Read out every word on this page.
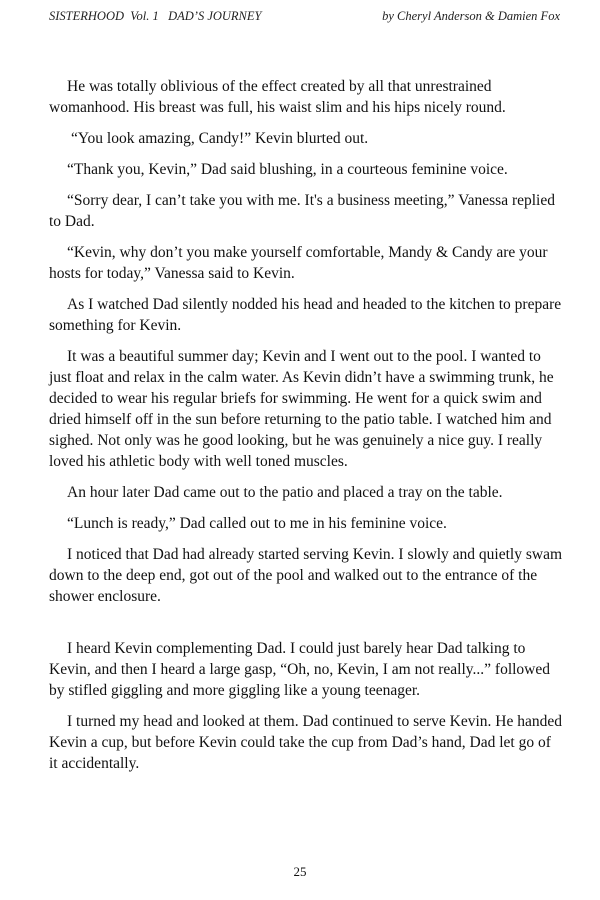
SISTERHOOD  Vol. 1   DAD’S JOURNEY	by Cheryl Anderson & Damien Fox

He was totally oblivious of the effect created by all that unrestrained womanhood. His breast was full, his waist slim and his hips nicely round.

“You look amazing, Candy!” Kevin blurted out.

“Thank you, Kevin,” Dad said blushing, in a courteous feminine voice.

“Sorry dear, I can’t take you with me. It's a business meeting,” Vanessa replied to Dad.

“Kevin, why don’t you make yourself comfortable, Mandy & Candy are your hosts for today,” Vanessa said to Kevin.

As I watched Dad silently nodded his head and headed to the kitchen to prepare something for Kevin.

It was a beautiful summer day; Kevin and I went out to the pool. I wanted to just float and relax in the calm water. As Kevin didn’t have a swimming trunk, he decided to wear his regular briefs for swimming. He went for a quick swim and dried himself off in the sun before returning to the patio table. I watched him and sighed. Not only was he good looking, but he was genuinely a nice guy. I really loved his athletic body with well toned muscles.

An hour later Dad came out to the patio and placed a tray on the table.

“Lunch is ready,” Dad called out to me in his feminine voice.

I noticed that Dad had already started serving Kevin. I slowly and quietly swam down to the deep end, got out of the pool and walked out to the entrance of the shower enclosure.

I heard Kevin complementing Dad. I could just barely hear Dad talking to Kevin, and then I heard a large gasp, “Oh, no, Kevin, I am not really...” followed by stifled giggling and more giggling like a young teenager.

I turned my head and looked at them. Dad continued to serve Kevin. He handed Kevin a cup, but before Kevin could take the cup from Dad’s hand, Dad let go of it accidentally.

25
